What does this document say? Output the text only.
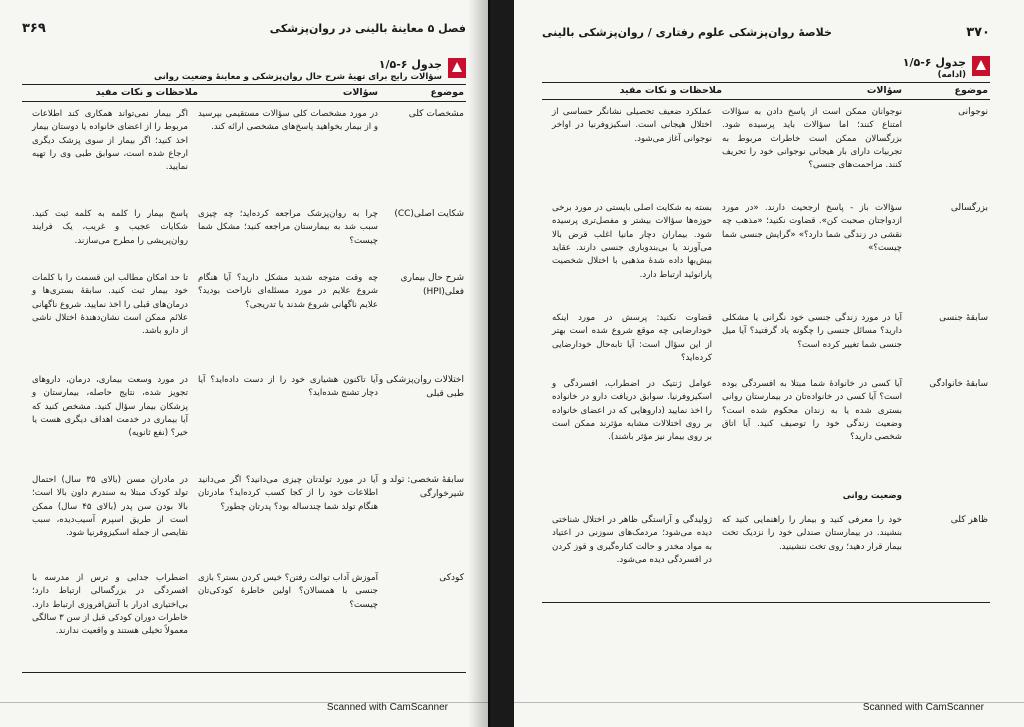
فصل ۵ معاینهٔ بالینی در روان‌پزشکی
۳۶۹
جدول ۶-۱/۵
سؤالات رایج برای تهیهٔ شرح حال روان‌پزشکی و معاینهٔ وضعیت روانی
موضوع
سؤالات
ملاحظات و نکات مفید
مشخصات کلی
در مورد مشخصات کلی سؤالات مستقیمی بپرسید و از بیمار بخواهید پاسخ‌های مشخصی ارائه کند.
اگر بیمار نمی‌تواند همکاری کند اطلاعات مربوط را از اعضای خانواده یا دوستان بیمار اخذ کنید؛ اگر بیمار از سوی پزشک دیگری ارجاع شده است، سوابق طبی وی را تهیه نمایید.
شکایت اصلی(CC)
چرا به روان‌پزشک مراجعه کرده‌اید؛ چه چیزی سبب شد به بیمارستان مراجعه کنید؛ مشکل شما چیست؟
پاسخ بیمار را کلمه به کلمه ثبت کنید. شکایات عجیب و غریب، یک فرایند روان‌پریشی را مطرح می‌سازند.
شرح حال بیماری فعلی(HPI)
چه وقت متوجه شدید مشکل دارید؟ آیا هنگام شروع علایم در مورد مسئله‌ای ناراحت بودید؟ علایم ناگهانی شروع شدند یا تدریجی؟
تا حد امکان مطالب این قسمت را با کلمات خود بیمار ثبت کنید. سابقهٔ بستری‌ها و درمان‌های قبلی را اخذ نمایید. شروع ناگهانی علائم ممکن است نشان‌دهندهٔ اختلال ناشی از دارو باشد.
اختلالات روان‌پزشکی و طبی قبلی
آیا تاکنون هشیاری خود را از دست داده‌اید؟ آیا دچار تشنج شده‌اید؟
در مورد وسعت بیماری، درمان، داروهای تجویز شده، نتایج حاصله، بیمارستان و پزشکان بیمار سؤال کنید. مشخص کنید که آیا بیماری در خدمت اهداف دیگری هست یا خیر؟ (نفع ثانویه)
سابقهٔ شخصی: تولد و شیرخوارگی
آیا در مورد تولدتان چیزی می‌دانید؟ اگر می‌دانید اطلاعات خود را از کجا کسب کرده‌اید؟ مادرتان هنگام تولد شما چندساله بود؟ پدرتان چطور؟
در مادران مسن (بالای ۳۵ سال) احتمال تولد کودک مبتلا به سندرم داون بالا است؛ بالا بودن سن پدر (بالای ۴۵ سال) ممکن است از طریق اسپرم آسیب‌دیده، سبب نقایصی از جمله اسکیزوفرنیا شود.
کودکی
آموزش آداب توالت رفتن؟ خیس کردن بستر؟ بازی جنسی با همسالان؟ اولین خاطرهٔ کودکی‌تان چیست؟
اضطراب جدایی و ترس از مدرسه با افسردگی در بزرگسالی ارتباط دارد؛ بی‌اختیاری ادرار با آتش‌افروزی ارتباط دارد. خاطرات دوران کودکی قبل از سن ۳ سالگی معمولاً تخیلی هستند و واقعیت ندارند.
Scanned with CamScanner
۳۷۰
خلاصهٔ روان‌پزشکی علوم رفتاری / روان‌پزشکی بالینی
جدول ۶-۱/۵
(ادامه)
موضوع
سؤالات
ملاحظات و نکات مفید
نوجوانی
نوجوانان ممکن است از پاسخ دادن به سؤالات امتناع کنند؛ اما سؤالات باید پرسیده شود. بزرگسالان ممکن است خاطرات مربوط به تجربیات دارای بار هیجانی نوجوانی خود را تحریف کنند. مزاحمت‌های جنسی؟
عملکرد ضعیف تحصیلی نشانگر حساسی از اختلال هیجانی است. اسکیزوفرنیا در اواخر نوجوانی آغاز می‌شود.
بزرگسالی
سؤالات باز - پاسخ ارجحیت دارند. «در مورد ازدواجتان صحبت کن». قضاوت نکنید؛ «مذهب چه نقشی در زندگی شما دارد؟» «گرایش جنسی شما چیست؟»
بسته به شکایت اصلی بایستی در مورد برخی حوزه‌ها سؤالات بیشتر و مفصل‌تری پرسیده شود. بیماران دچار مانیا اغلب قرض بالا می‌آورند یا بی‌بندوباری جنسی دارند. عقاید بیش‌بها داده شدهٔ مذهبی با اختلال شخصیت پارانوئید ارتباط دارد.
سابقهٔ جنسی
آیا در مورد زندگی جنسی خود نگرانی یا مشکلی دارید؟ مسائل جنسی را چگونه یاد گرفتید؟ آیا میل جنسی شما تغییر کرده است؟
قضاوت نکنید: پرسش در مورد اینکه خودارضایی چه موقع شروع شده است بهتر از این سؤال است: آیا تابه‌حال خودارضایی کرده‌اید؟
سابقهٔ خانوادگی
آیا کسی در خانوادهٔ شما مبتلا به افسردگی بوده است؟ آیا کسی در خانواده‌تان در بیمارستان روانی بستری شده یا به زندان محکوم شده است؟ وضعیت زندگی خود را توصیف کنید. آیا اتاق شخصی دارید؟
عوامل ژنتیک در اضطراب، افسردگی و اسکیزوفرنیا. سوابق دریافت دارو در خانواده را اخذ نمایید (داروهایی که در اعضای خانواده بر روی اختلالات مشابه مؤثرند ممکن است بر روی بیمار نیز مؤثر باشند).
وضعیت روانی
ظاهر کلی
خود را معرفی کنید و بیمار را راهنمایی کنید که بنشیند. در بیمارستان صندلی خود را نزدیک تخت بیمار قرار دهید؛ روی تخت ننشینید.
ژولیدگی و آراستگی ظاهر در اختلال شناختی دیده می‌شود؛ مردمک‌های سوزنی در اعتیاد به مواد مخدر و حالت کناره‌گیری و قوز کردن در افسردگی دیده می‌شود.
Scanned with CamScanner
